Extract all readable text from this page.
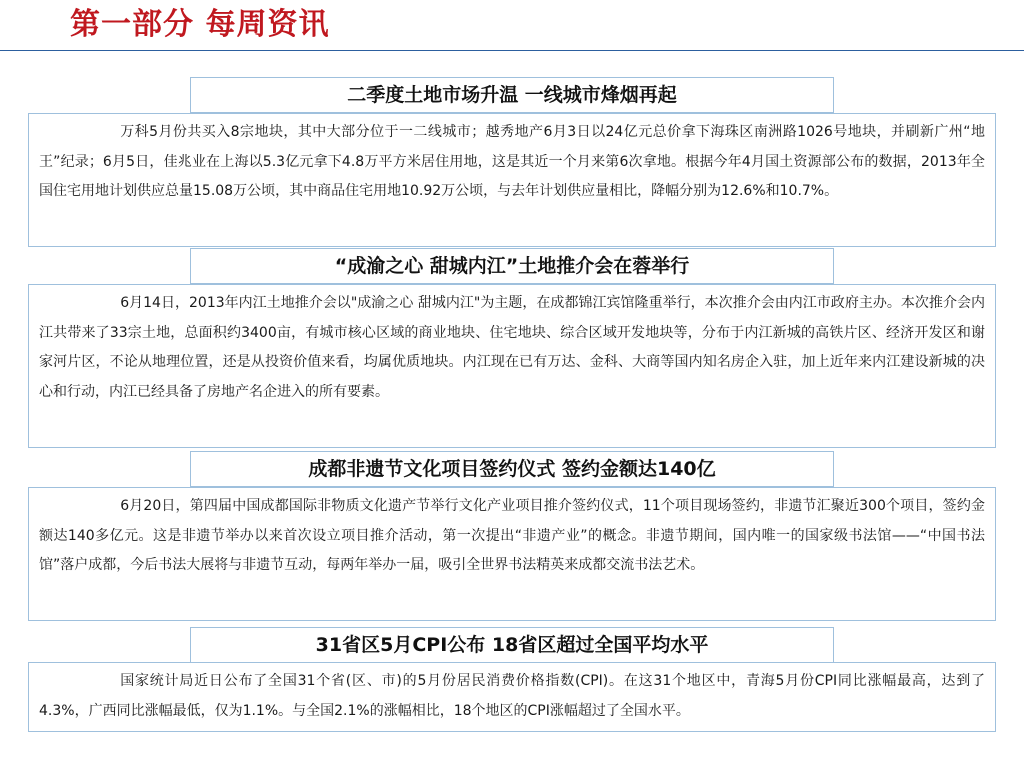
第一部分 每周资讯
二季度土地市场升温 一线城市烽烟再起
万科5月份共买入8宗地块，其中大部分位于一二线城市；越秀地产6月3日以24亿元总价拿下海珠区南洲路1026号地块，并刷新广州“地王”纪录；6月5日，佳兆业在上海以5.3亿元拿下4.8万平方米居住用地，这是其近一个月来第6次拿地。根据今年4月国土资源部公布的数据，2013年全国住宅用地计划供应总量15.08万公顷，其中商品住宅用地10.92万公顷，与去年计划供应量相比，降幅分别为12.6%和10.7%。
“成渝之心 甜城内江”土地推介会在蓉举行
6月14日，2013年内江土地推介会以"成渝之心 甜城内江"为主题，在成都锦江宾馆隆重举行，本次推介会由内江市政府主办。本次推介会内江共带来了33宗土地，总面积约3400亩，有城市核心区域的商业地块、住宅地块、综合区域开发地块等，分布于内江新城的高铁片区、经济开发区和谢家河片区，不论从地理位置，还是从投资价值来看，均属优质地块。内江现在已有万达、金科、大商等国内知名房企入驻，加上近年来内江建设新城的决心和行动，内江已经具备了房地产名企进入的所有要素。
成都非遗节文化项目签约仪式 签约金额达140亿
6月20日，第四届中国成都国际非物质文化遗产节举行文化产业项目推介签约仪式，11个项目现场签约，非遗节汇聚近300个项目，签约金额达140多亿元。这是非遗节举办以来首次设立项目推介活动，第一次提出“非遗产业”的概念。非遗节期间，国内唯一的国家级书法馆——“中国书法馆”落户成都，今后书法大展将与非遗节互动，每两年举办一届，吸引全世界书法精英来成都交流书法艺术。
31省区5月CPI公布 18省区超过全国平均水平
国家统计局近日公布了全国31个省(区、市)的5月份居民消费价格指数(CPI)。在这31个地区中，青海5月份CPI同比涨幅最高，达到了4.3%，广西同比涨幅最低，仅为1.1%。与全国2.1%的涨幅相比，18个地区的CPI涨幅超过了全国水平。
